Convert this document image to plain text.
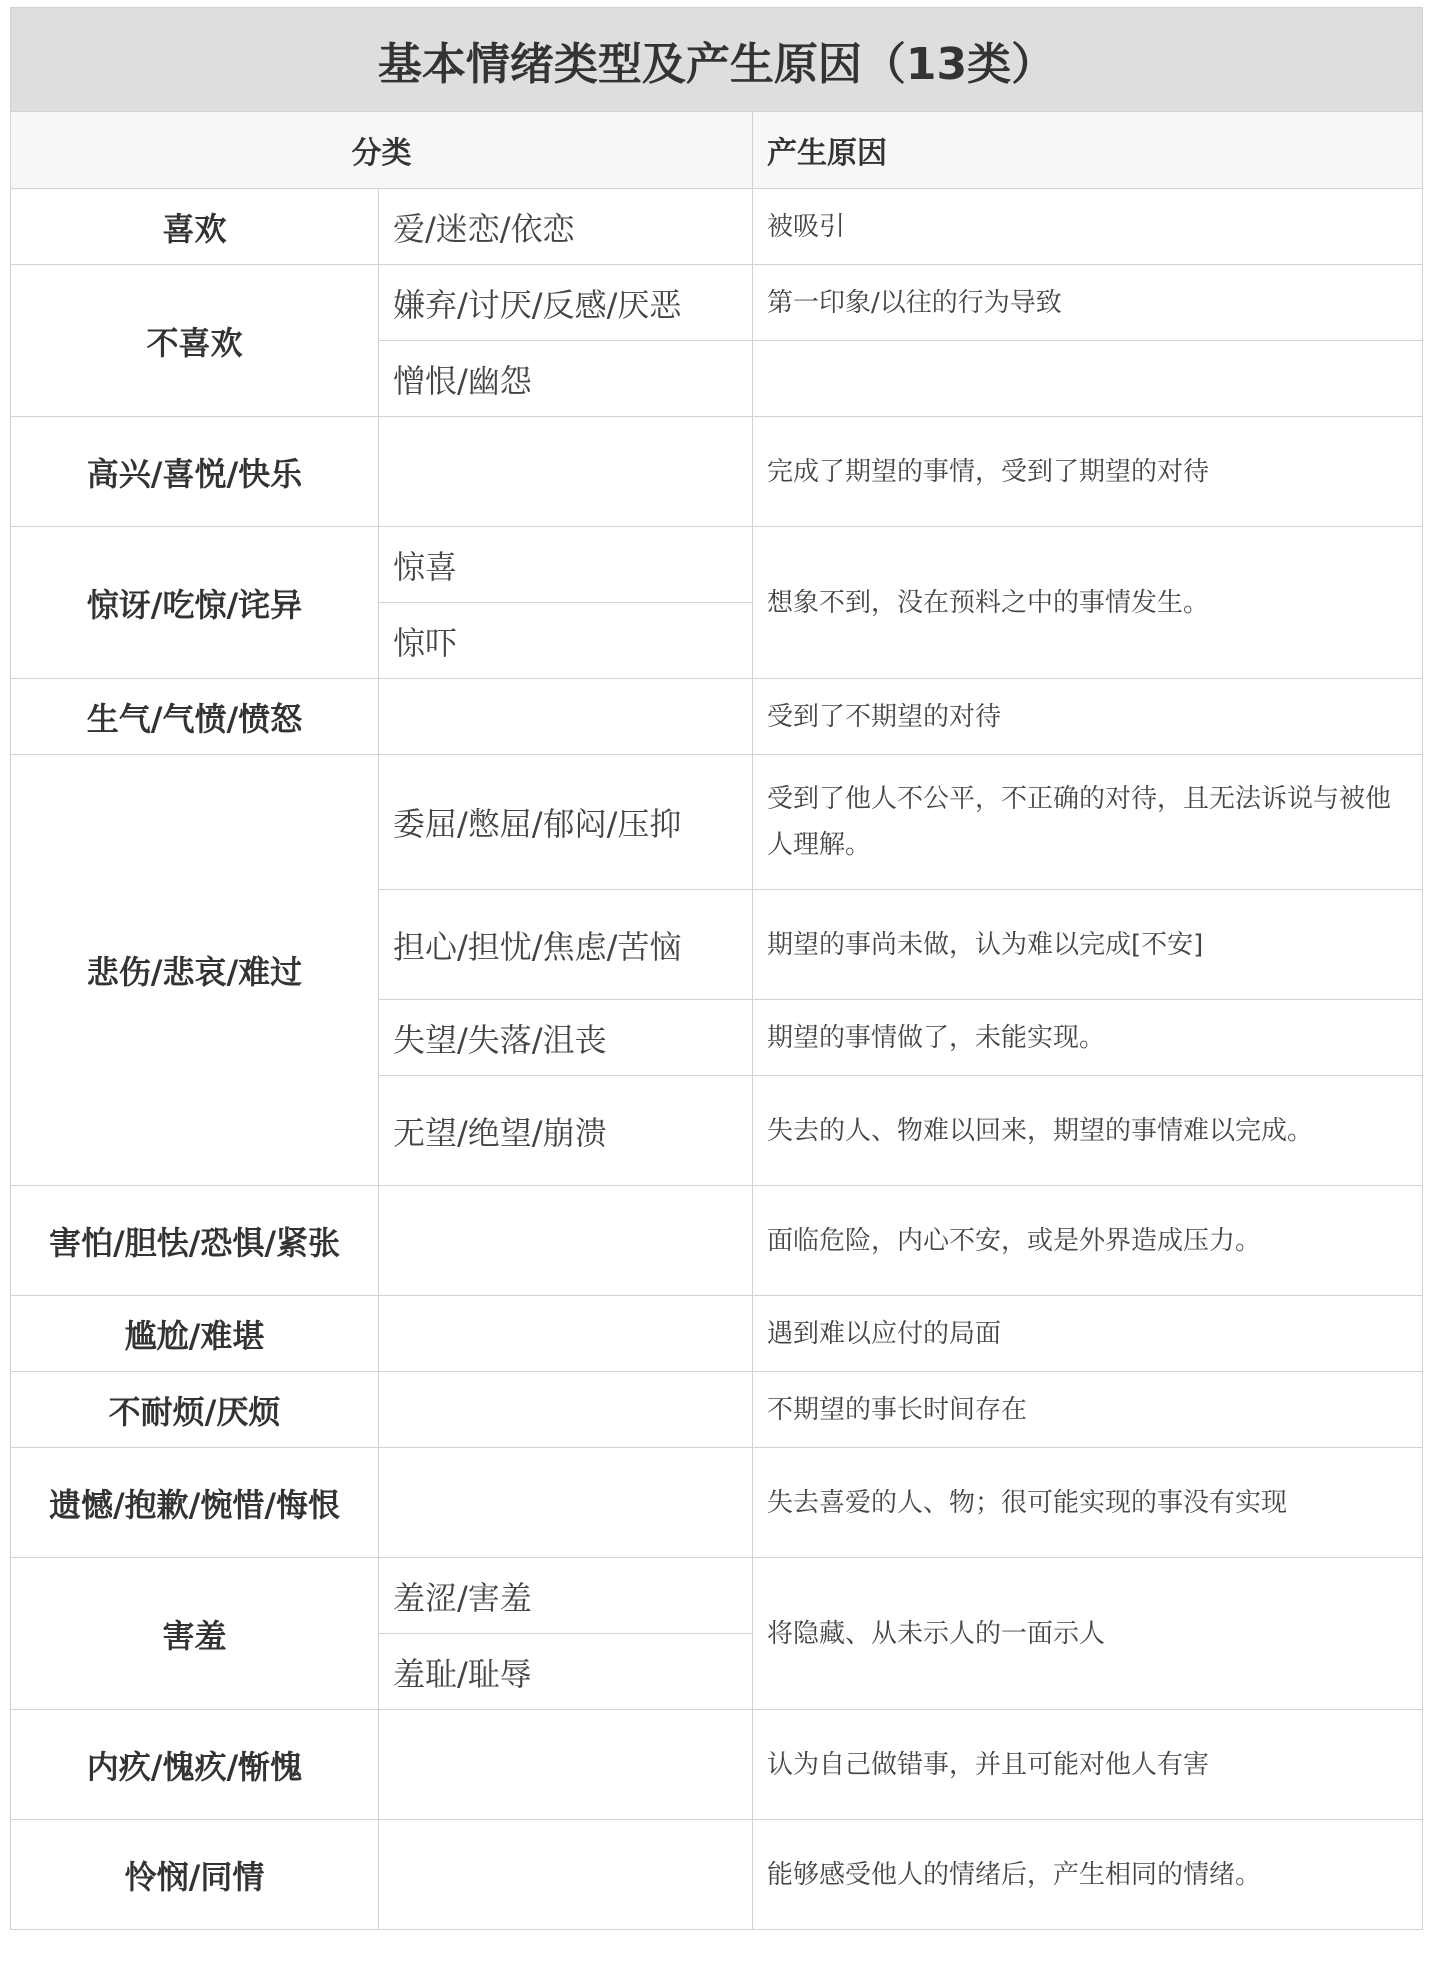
基本情绪类型及产生原因（13类）		
分类		产生原因
喜欢	爱/迷恋/依恋	被吸引
不喜欢	嫌弃/讨厌/反感/厌恶	第一印象/以往的行为导致
	憎恨/幽怨	
高兴/喜悦/快乐		完成了期望的事情，受到了期望的对待
惊讶/吃惊/诧异	惊喜	想象不到，没在预料之中的事情发生。
	惊吓	
生气/气愤/愤怒		受到了不期望的对待
悲伤/悲哀/难过	委屈/憋屈/郁闷/压抑	受到了他人不公平，不正确的对待，且无法诉说与被他人理解。
	担心/担忧/焦虑/苦恼	期望的事尚未做，认为难以完成[不安]
	失望/失落/沮丧	期望的事情做了，未能实现。
	无望/绝望/崩溃	失去的人、物难以回来，期望的事情难以完成。
害怕/胆怯/恐惧/紧张		面临危险，内心不安，或是外界造成压力。
尴尬/难堪		遇到难以应付的局面
不耐烦/厌烦		不期望的事长时间存在
遗憾/抱歉/惋惜/悔恨		失去喜爱的人、物；很可能实现的事没有实现
害羞	羞涩/害羞	将隐藏、从未示人的一面示人
	羞耻/耻辱	
内疚/愧疚/惭愧		认为自己做错事，并且可能对他人有害
怜悯/同情		能够感受他人的情绪后，产生相同的情绪。
